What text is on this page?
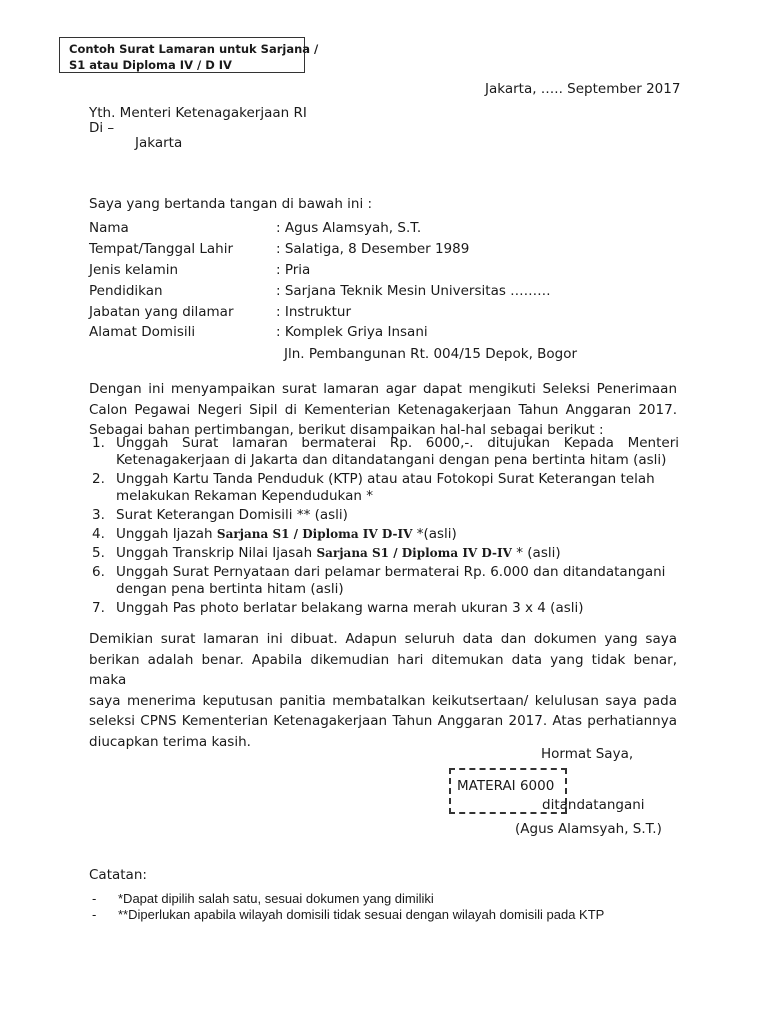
Contoh Surat Lamaran untuk Sarjana /
S1 atau Diploma IV / D IV
Jakarta, ….. September 2017
Yth. Menteri Ketenagakerjaan RI
Di –
Jakarta
Saya yang bertanda tangan di bawah ini :
Nama	: Agus Alamsyah, S.T.
Tempat/Tanggal Lahir	: Salatiga, 8 Desember 1989
Jenis kelamin	: Pria
Pendidikan	: Sarjana Teknik Mesin Universitas ………
Jabatan yang dilamar	: Instruktur
Alamat Domisili	: Komplek Griya Insani
Jln. Pembangunan Rt. 004/15 Depok, Bogor
Dengan ini menyampaikan surat lamaran agar dapat mengikuti Seleksi Penerimaan
Calon Pegawai Negeri Sipil di Kementerian Ketenagakerjaan Tahun Anggaran 2017.
Sebagai bahan pertimbangan, berikut disampaikan hal-hal sebagai berikut :
1. Unggah Surat lamaran bermaterai Rp. 6000,-. ditujukan Kepada Menteri
Ketenagakerjaan di Jakarta dan ditandatangani dengan pena bertinta hitam (asli)
2. Unggah Kartu Tanda Penduduk (KTP) atau atau Fotokopi Surat Keterangan telah
melakukan Rekaman Kependudukan *
3. Surat Keterangan Domisili ** (asli)
4. Unggah Ijazah Sarjana S1 / Diploma IV D-IV *(asli)
5. Unggah Transkrip Nilai Ijasah Sarjana S1 / Diploma IV D-IV * (asli)
6. Unggah Surat Pernyataan dari pelamar bermaterai Rp. 6.000 dan ditandatangani
dengan pena bertinta hitam (asli)
7. Unggah Pas photo berlatar belakang warna merah ukuran 3 x 4 (asli)
Demikian surat lamaran ini dibuat. Adapun seluruh data dan dokumen yang saya
berikan adalah benar. Apabila dikemudian hari ditemukan data yang tidak benar, maka
saya menerima keputusan panitia membatalkan keikutsertaan/ kelulusan saya pada
seleksi CPNS Kementerian Ketenagakerjaan Tahun Anggaran 2017. Atas perhatiannya
diucapkan terima kasih.
Hormat Saya,
MATERAI 6000
ditandatangani
(Agus Alamsyah, S.T.)
Catatan:
- *Dapat dipilih salah satu, sesuai dokumen yang dimiliki
- **Diperlukan apabila wilayah domisili tidak sesuai dengan wilayah domisili pada KTP
